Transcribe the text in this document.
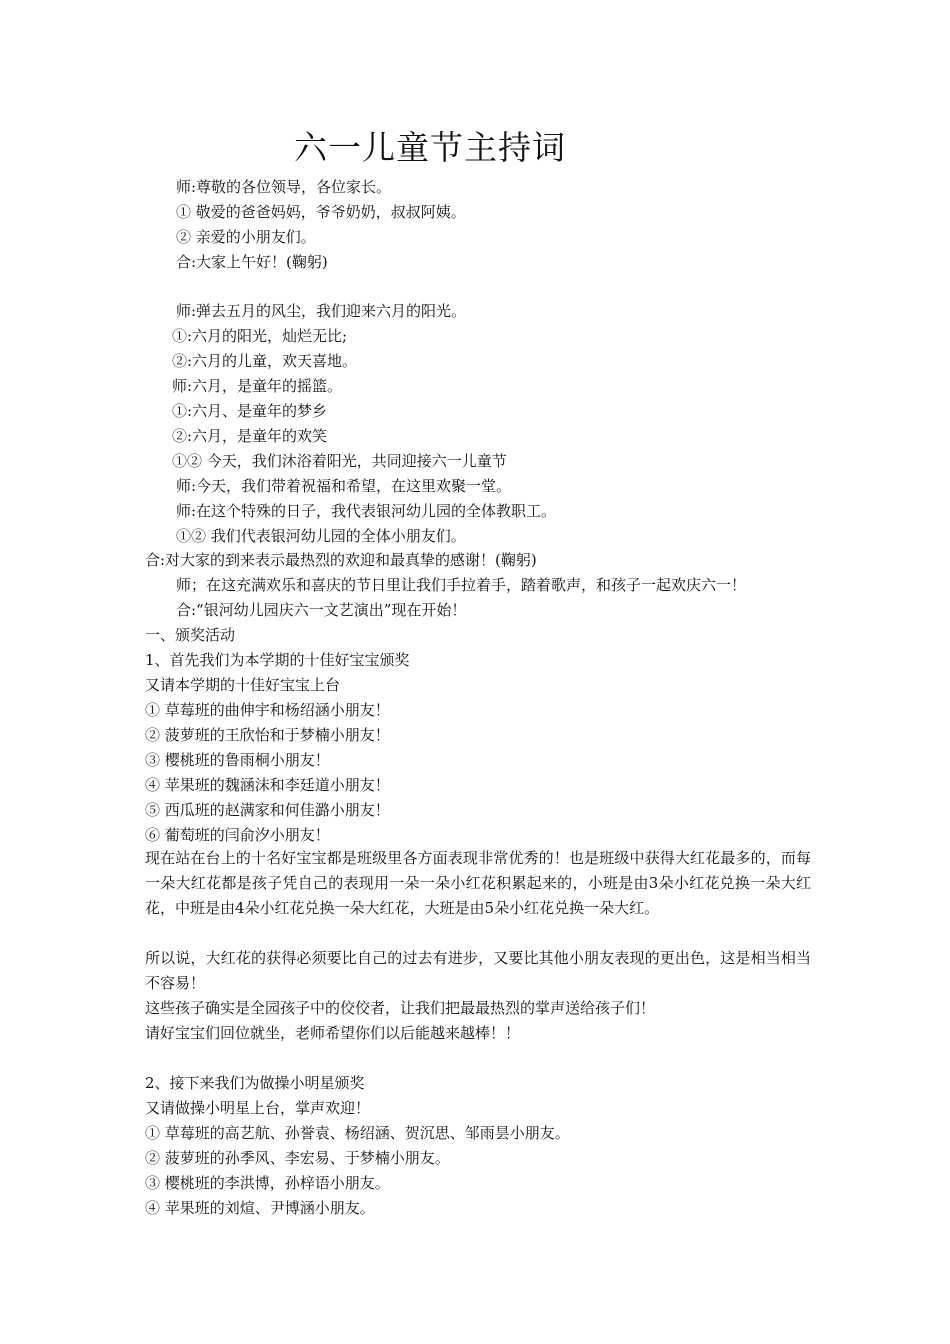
六一儿童节主持词
师:尊敬的各位领导，各位家长。
① 敬爱的爸爸妈妈，爷爷奶奶，叔叔阿姨。
② 亲爱的小朋友们。
合:大家上午好！(鞠躬)
师:弹去五月的风尘，我们迎来六月的阳光。
①:六月的阳光，灿烂无比;
②:六月的儿童，欢天喜地。
师:六月，是童年的摇篮。
①:六月、是童年的梦乡
②:六月，是童年的欢笑
①② 今天，我们沐浴着阳光，共同迎接六一儿童节
师:今天，我们带着祝福和希望，在这里欢聚一堂。
师:在这个特殊的日子，我代表银河幼儿园的全体教职工。
①② 我们代表银河幼儿园的全体小朋友们。
合:对大家的到来表示最热烈的欢迎和最真挚的感谢！(鞠躬)
师；在这充满欢乐和喜庆的节日里让我们手拉着手，踏着歌声，和孩子一起欢庆六一！
合:“银河幼儿园庆六一文艺演出”现在开始！
一、颁奖活动
1、首先我们为本学期的十佳好宝宝颁奖
又请本学期的十佳好宝宝上台
① 草莓班的曲伸宇和杨绍涵小朋友！
② 菠萝班的王欣怡和于梦楠小朋友！
③ 樱桃班的鲁雨桐小朋友！
④ 苹果班的魏涵沫和李廷道小朋友！
⑤ 西瓜班的赵满家和何佳潞小朋友！
⑥ 葡萄班的闫俞汐小朋友！
现在站在台上的十名好宝宝都是班级里各方面表现非常优秀的！也是班级中获得大红花最多的，而每一朵大红花都是孩子凭自己的表现用一朵一朵小红花积累起来的，小班是由3朵小红花兑换一朵大红花，中班是由4朵小红花兑换一朵大红花，大班是由5朵小红花兑换一朵大红。
所以说，大红花的获得必须要比自己的过去有进步，又要比其他小朋友表现的更出色，这是相当相当不容易！
这些孩子确实是全园孩子中的佼佼者，让我们把最最热烈的掌声送给孩子们！
请好宝宝们回位就坐，老师希望你们以后能越来越棒！！
2、接下来我们为做操小明星颁奖
又请做操小明星上台，掌声欢迎！
① 草莓班的高艺航、孙誉袁、杨绍涵、贺沉思、邹雨昙小朋友。
② 菠萝班的孙季风、李宏易、于梦楠小朋友。
③ 樱桃班的李洪博，孙梓语小朋友。
④ 苹果班的刘煊、尹博涵小朋友。
